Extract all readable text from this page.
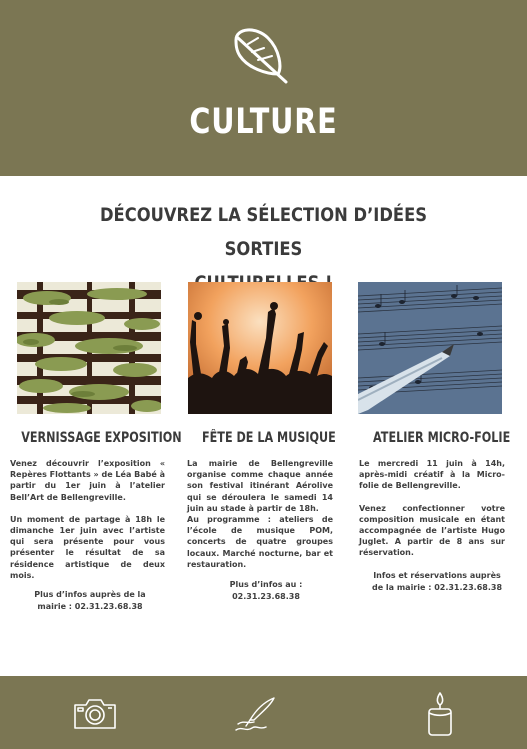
CULTURE
DÉCOUVREZ LA SÉLECTION D’IDÉES SORTIES
VERNISSAGE EXPOSITION

Venez découvrir l’exposition « Repères Flottants » de Léa Babé à partir du 1er juin à l’atelier Bell’Art de Bellengreville.

Un moment de partage à 18h le dimanche 1er juin avec l’artiste qui sera présente pour vous présenter le résultat de sa résidence artistique de deux mois.

Plus d’infos auprès de la
mairie : 02.31.23.68.38
FÊTE DE LA MUSIQUE

La mairie de Bellengreville organise comme chaque année son festival itinérant Aérolive qui se déroulera le samedi 14 juin au stade à partir de 18h.

Au programme : ateliers de l’école de musique POM, concerts de quatre groupes locaux. Marché nocturne, bar et restauration.

Plus d’infos au :
02.31.23.68.38
ATELIER MICRO-FOLIE

Le mercredi 11 juin à 14h, après-midi créatif à la Micro-folie de Bellengreville.

Venez confectionner votre composition musicale en étant accompagnée de l’artiste Hugo Juglet. A partir de 8 ans sur réservation.

Infos et réservations auprès
de la mairie : 02.31.23.68.38
